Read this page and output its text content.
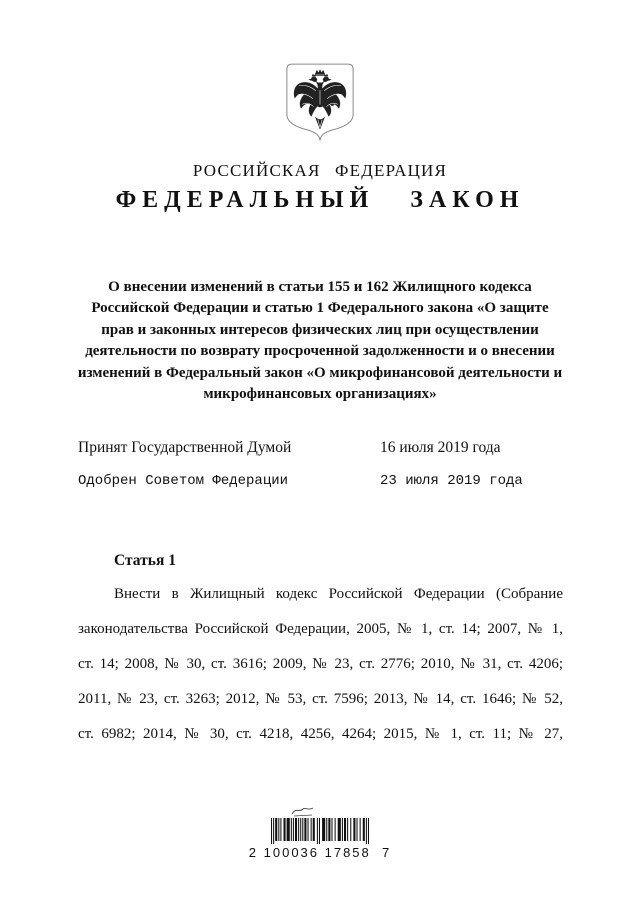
РОССИЙСКАЯ ФЕДЕРАЦИЯ
ФЕДЕРАЛЬНЫЙ ЗАКОН
О внесении изменений в статьи 155 и 162 Жилищного кодекса
Российской Федерации и статью 1 Федерального закона «О защите
прав и законных интересов физических лиц при осуществлении
деятельности по возврату просроченной задолженности и о внесении
изменений в Федеральный закон «О микрофинансовой деятельности и
микрофинансовых организациях»
Принят Государственной Думой	16 июля 2019 года
Одобрен Советом Федерации	23 июля 2019 года
Статья 1
Внести в Жилищный кодекс Российской Федерации (Собрание
законодательства Российской Федерации, 2005, № 1, ст. 14; 2007, № 1,
ст. 14; 2008, № 30, ст. 3616; 2009, № 23, ст. 2776; 2010, № 31, ст. 4206;
2011, № 23, ст. 3263; 2012, № 53, ст. 7596; 2013, № 14, ст. 1646; № 52,
ст. 6982; 2014, № 30, ст. 4218, 4256, 4264; 2015, № 1, ст. 11; № 27,
2 100036 17858  7
